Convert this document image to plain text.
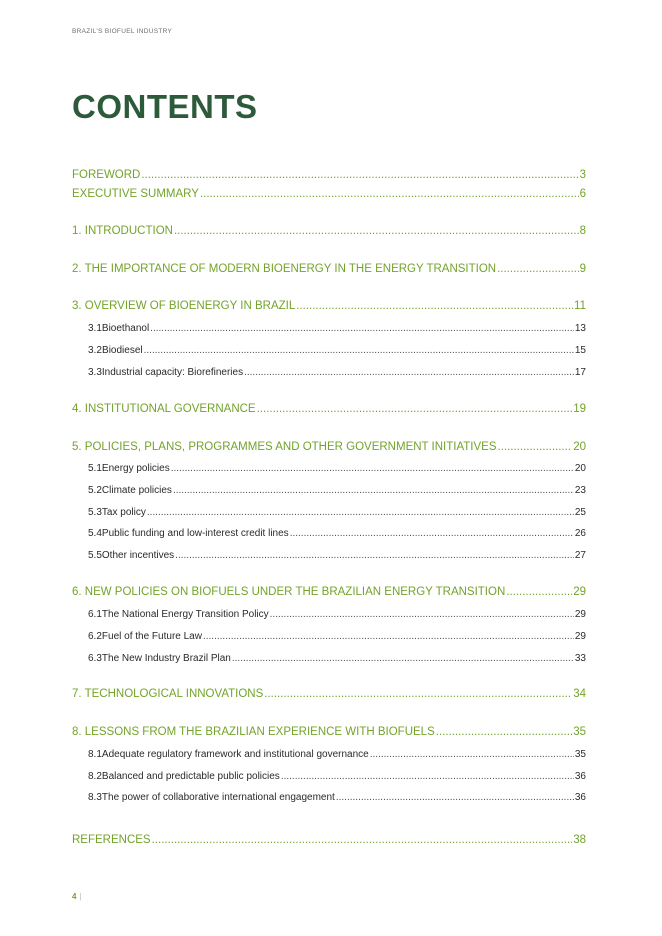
BRAZIL'S BIOFUEL INDUSTRY
CONTENTS
FOREWORD .....	3
EXECUTIVE SUMMARY .....	6
1. INTRODUCTION .....	8
2. THE IMPORTANCE OF MODERN BIOENERGY IN THE ENERGY TRANSITION .....	9
3. OVERVIEW OF BIOENERGY IN BRAZIL .....	11
3.1 Bioethanol .....	13
3.2 Biodiesel .....	15
3.3 Industrial capacity: Biorefineries .....	17
4. INSTITUTIONAL GOVERNANCE .....	19
5. POLICIES, PLANS, PROGRAMMES AND OTHER GOVERNMENT INITIATIVES .....	20
5.1 Energy policies .....	20
5.2 Climate policies .....	23
5.3 Tax policy .....	25
5.4 Public funding and low-interest credit lines .....	26
5.5 Other incentives .....	27
6. NEW POLICIES ON BIOFUELS UNDER THE BRAZILIAN ENERGY TRANSITION .....	29
6.1 The National Energy Transition Policy .....	29
6.2 Fuel of the Future Law .....	29
6.3 The New Industry Brazil Plan .....	33
7. TECHNOLOGICAL INNOVATIONS .....	34
8. LESSONS FROM THE BRAZILIAN EXPERIENCE WITH BIOFUELS .....	35
8.1 Adequate regulatory framework and institutional governance .....	35
8.2 Balanced and predictable public policies .....	36
8.3 The power of collaborative international engagement .....	36
REFERENCES .....	38
4 |
